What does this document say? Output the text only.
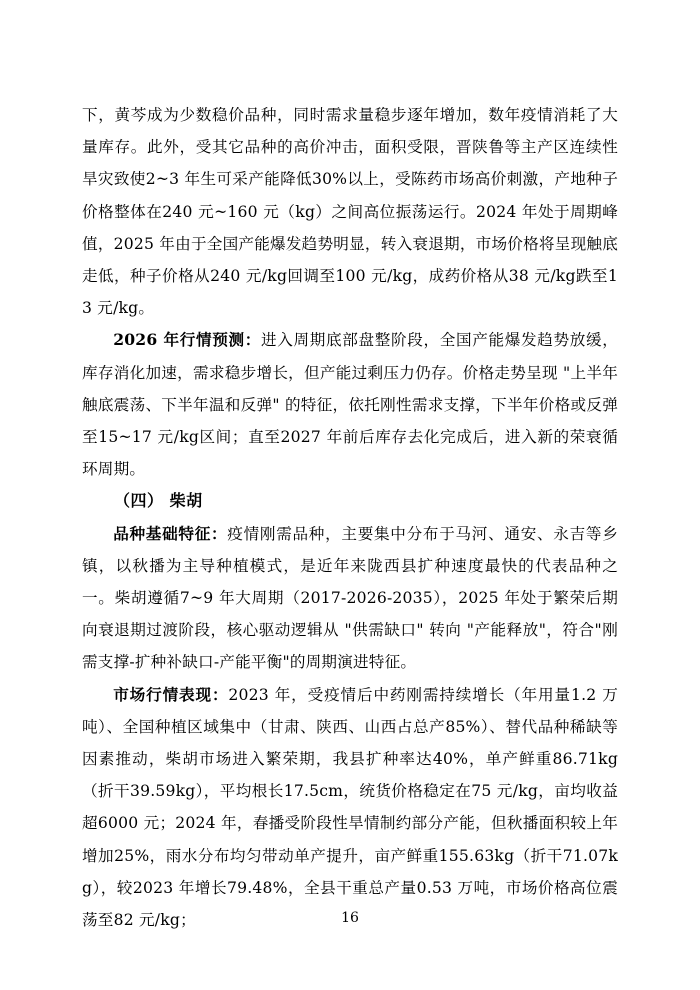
下，黄芩成为少数稳价品种，同时需求量稳步逐年增加，数年疫情消耗了大量库存。此外，受其它品种的高价冲击，面积受限，晋陕鲁等主产区连续性旱灾致使2~3 年生可采产能降低30%以上，受陈药市场高价刺激，产地种子价格整体在240 元~160 元（kg）之间高位振荡运行。2024 年处于周期峰值，2025 年由于全国产能爆发趋势明显，转入衰退期，市场价格将呈现触底走低，种子价格从240 元/kg回调至100 元/kg，成药价格从38 元/kg跌至13 元/kg。

2026 年行情预测：进入周期底部盘整阶段，全国产能爆发趋势放缓，库存消化加速，需求稳步增长，但产能过剩压力仍存。价格走势呈现 "上半年触底震荡、下半年温和反弹" 的特征，依托刚性需求支撑，下半年价格或反弹至15~17 元/kg区间；直至2027 年前后库存去化完成后，进入新的荣衰循环周期。

（四） 柴胡

品种基础特征：疫情刚需品种，主要集中分布于马河、通安、永吉等乡镇，以秋播为主导种植模式，是近年来陇西县扩种速度最快的代表品种之一。柴胡遵循7~9 年大周期（2017-2026-2035），2025 年处于繁荣后期向衰退期过渡阶段，核心驱动逻辑从 "供需缺口" 转向 "产能释放"，符合"刚需支撑-扩种补缺口-产能平衡"的周期演进特征。

市场行情表现：2023 年，受疫情后中药刚需持续增长（年用量1.2 万吨）、全国种植区域集中（甘肃、陕西、山西占总产85%）、替代品种稀缺等因素推动，柴胡市场进入繁荣期，我县扩种率达40%，单产鲜重86.71kg（折干39.59kg），平均根长17.5cm，统货价格稳定在75 元/kg，亩均收益超6000 元；2024 年，春播受阶段性旱情制约部分产能，但秋播面积较上年增加25%，雨水分布均匀带动单产提升，亩产鲜重155.63kg（折干71.07kg），较2023 年增长79.48%，全县干重总产量0.53 万吨，市场价格高位震荡至82 元/kg；	16
